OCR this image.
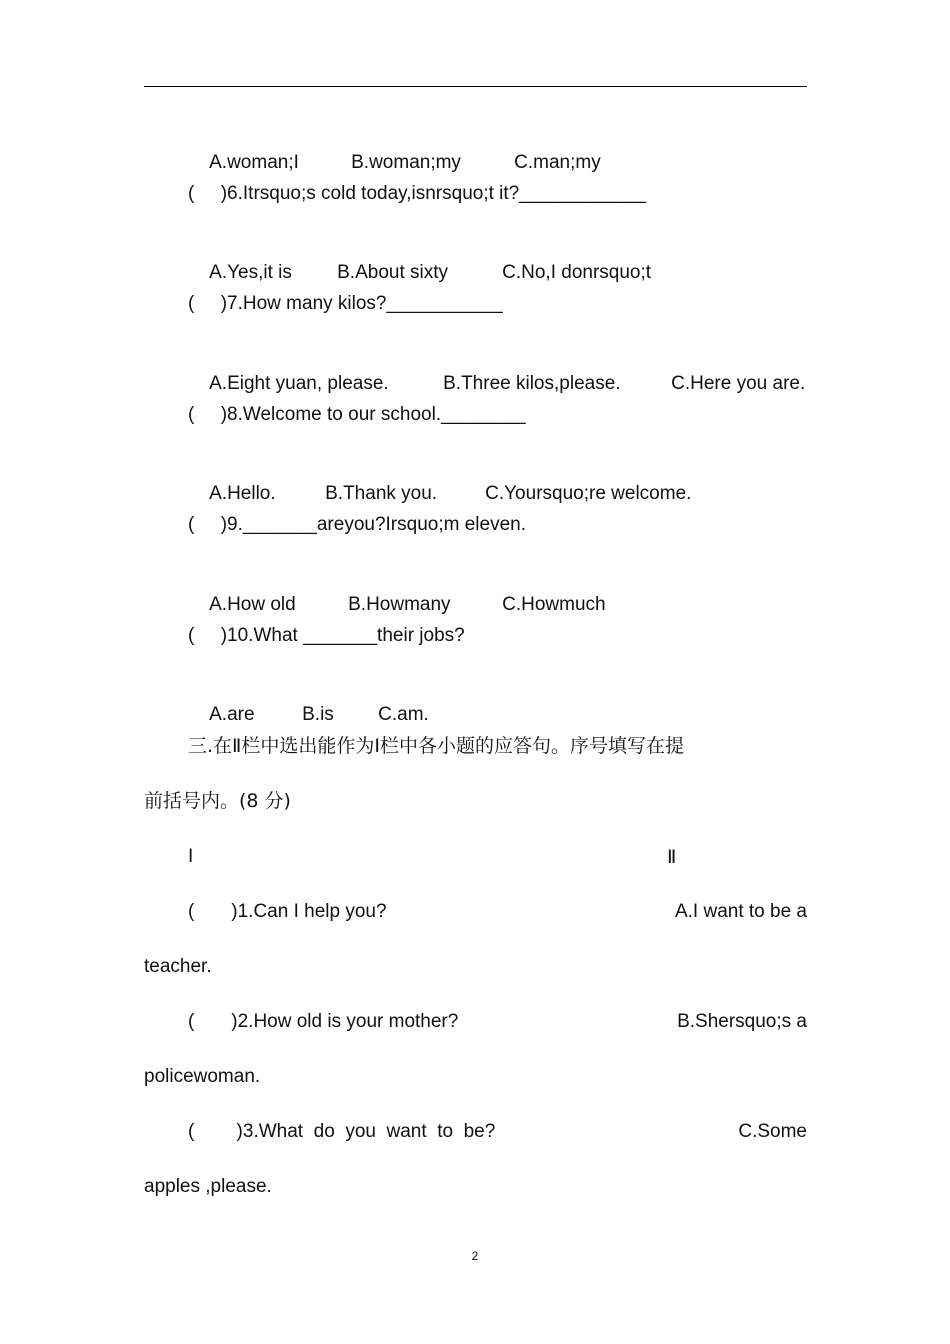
A.woman;I	B.woman;my	C.man;my

(     )6.Itrsquo;s cold today,isnrsquo;t it?____________

A.Yes,it is B.About sixty	C.No,I donrsquo;t

(     )7.How many kilos?___________

A.Eight yuan, please.	B.Three kilos,please.	C.Here you are.

(     )8.Welcome to our school.________

A.Hello.	B.Thank you.	C.Yoursquo;re welcome.

(     )9._______areyou?Irsquo;m eleven.

A.How old	B.Howmany	C.Howmuch

(     )10.What _______their jobs?

A.are	B.is C.am.

三.在Ⅱ栏中选出能作为Ⅰ栏中各小题的应答句。序号填写在提
前括号内。(8 分)
I	Ⅱ
(       )1.Can I help you?	A.I want to be a
teacher.
(       )2.How old is your mother?	B.Shersquo;s a
policewoman.
(        )3.What  do  you  want  to  be?	C.Some
apples ,please.
2
